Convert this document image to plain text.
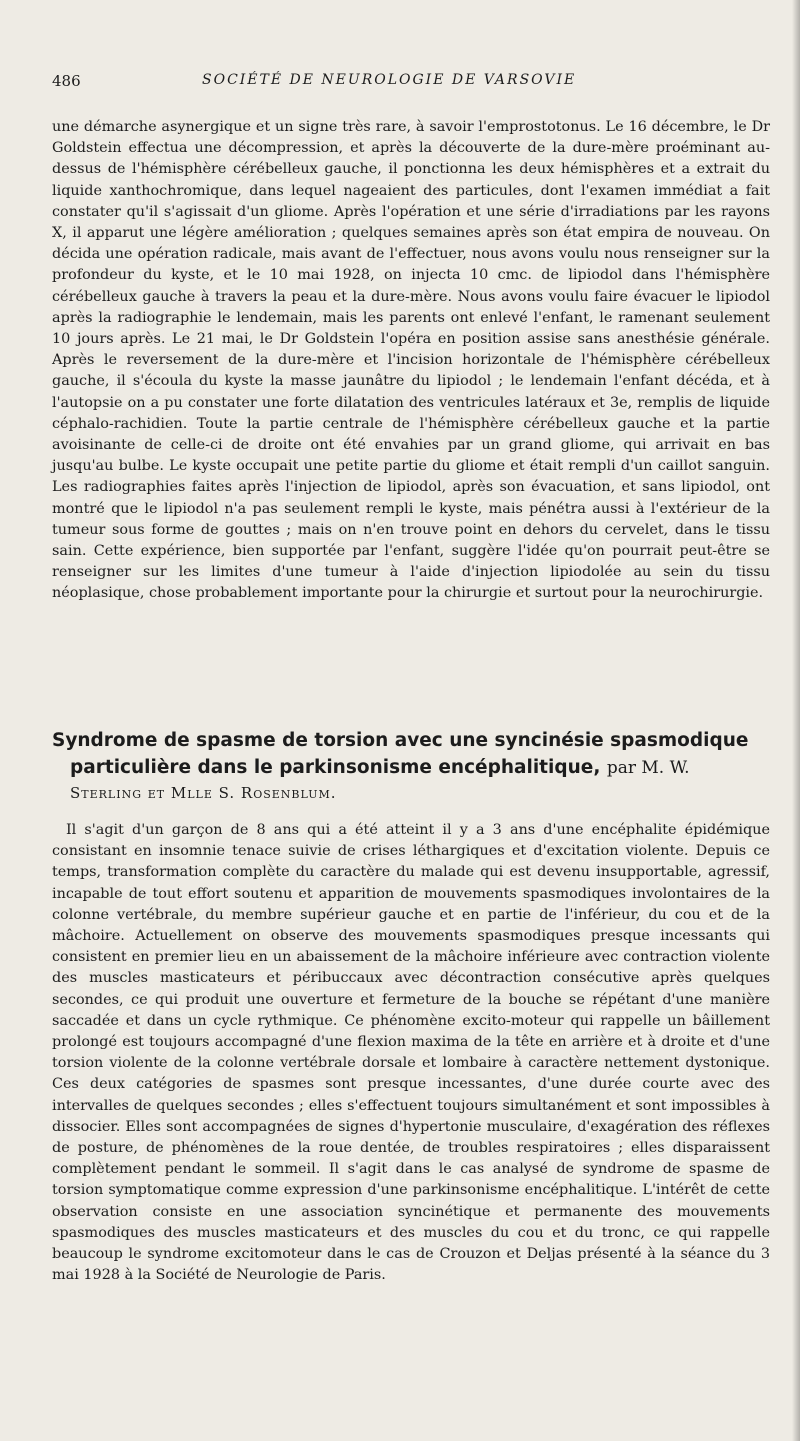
486	SOCIÉTÉ DE NEUROLOGIE DE VARSOVIE

une démarche asynergique et un signe très rare, à savoir l'emprostotonus. Le 16 décembre, le Dr Goldstein effectua une décompression, et après la découverte de la dure-mère proéminant au-dessus de l'hémisphère cérébelleux gauche, il ponctionna les deux hémisphères et a extrait du liquide xanthochromique, dans lequel nageaient des particules, dont l'examen immédiat a fait constater qu'il s'agissait d'un gliome. Après l'opération et une série d'irradiations par les rayons X, il apparut une légère amélioration ; quelques semaines après son état empira de nouveau. On décida une opération radicale, mais avant de l'effectuer, nous avons voulu nous renseigner sur la profondeur du kyste, et le 10 mai 1928, on injecta 10 cmc. de lipiodol dans l'hémisphère cérébelleux gauche à travers la peau et la dure-mère. Nous avons voulu faire évacuer le lipiodol après la radiographie le lendemain, mais les parents ont enlevé l'enfant, le ramenant seulement 10 jours après. Le 21 mai, le Dr Goldstein l'opéra en position assise sans anesthésie générale. Après le reversement de la dure-mère et l'incision horizontale de l'hémisphère cérébelleux gauche, il s'écoula du kyste la masse jaunâtre du lipiodol ; le lendemain l'enfant décéda, et à l'autopsie on a pu constater une forte dilatation des ventricules latéraux et 3e, remplis de liquide céphalo-rachidien. Toute la partie centrale de l'hémisphère cérébelleux gauche et la partie avoisinante de celle-ci de droite ont été envahies par un grand gliome, qui arrivait en bas jusqu'au bulbe. Le kyste occupait une petite partie du gliome et était rempli d'un caillot sanguin. Les radiographies faites après l'injection de lipiodol, après son évacuation, et sans lipiodol, ont montré que le lipiodol n'a pas seulement rempli le kyste, mais pénétra aussi à l'extérieur de la tumeur sous forme de gouttes ; mais on n'en trouve point en dehors du cervelet, dans le tissu sain. Cette expérience, bien supportée par l'enfant, suggère l'idée qu'on pourrait peut-être se renseigner sur les limites d'une tumeur à l'aide d'injection lipiodolée au sein du tissu néoplasique, chose probablement importante pour la chirurgie et surtout pour la neurochirurgie.

Syndrome de spasme de torsion avec une syncinésie spasmodique
particulière dans le parkinsonisme encéphalitique, par M. W.
Sterling et Mlle S. Rosenblum.

Il s'agit d'un garçon de 8 ans qui a été atteint il y a 3 ans d'une encéphalite épidémique consistant en insomnie tenace suivie de crises léthargiques et d'excitation violente. Depuis ce temps, transformation complète du caractère du malade qui est devenu insupportable, agressif, incapable de tout effort soutenu et apparition de mouvements spasmodiques involontaires de la colonne vertébrale, du membre supérieur gauche et en partie de l'inférieur, du cou et de la mâchoire. Actuellement on observe des mouvements spasmodiques presque incessants qui consistent en premier lieu en un abaissement de la mâchoire inférieure avec contraction violente des muscles masticateurs et péribuccaux avec décontraction consécutive après quelques secondes, ce qui produit une ouverture et fermeture de la bouche se répétant d'une manière saccadée et dans un cycle rythmique. Ce phénomène excito-moteur qui rappelle un bâillement prolongé est toujours accompagné d'une flexion maxima de la tête en arrière et à droite et d'une torsion violente de la colonne vertébrale dorsale et lombaire à caractère nettement dystonique. Ces deux catégories de spasmes sont presque incessantes, d'une durée courte avec des intervalles de quelques secondes ; elles s'effectuent toujours simultanément et sont impossibles à dissocier. Elles sont accompagnées de signes d'hypertonie musculaire, d'exagération des réflexes de posture, de phénomènes de la roue dentée, de troubles respiratoires ; elles disparaissent complètement pendant le sommeil. Il s'agit dans le cas analysé de syndrome de spasme de torsion symptomatique comme expression d'une parkinsonisme encéphalitique. L'intérêt de cette observation consiste en une association syncinétique et permanente des mouvements spasmodiques des muscles masticateurs et des muscles du cou et du tronc, ce qui rappelle beaucoup le syndrome excitomoteur dans le cas de Crouzon et Deljas présenté à la séance du 3 mai 1928 à la Société de Neurologie de Paris.
